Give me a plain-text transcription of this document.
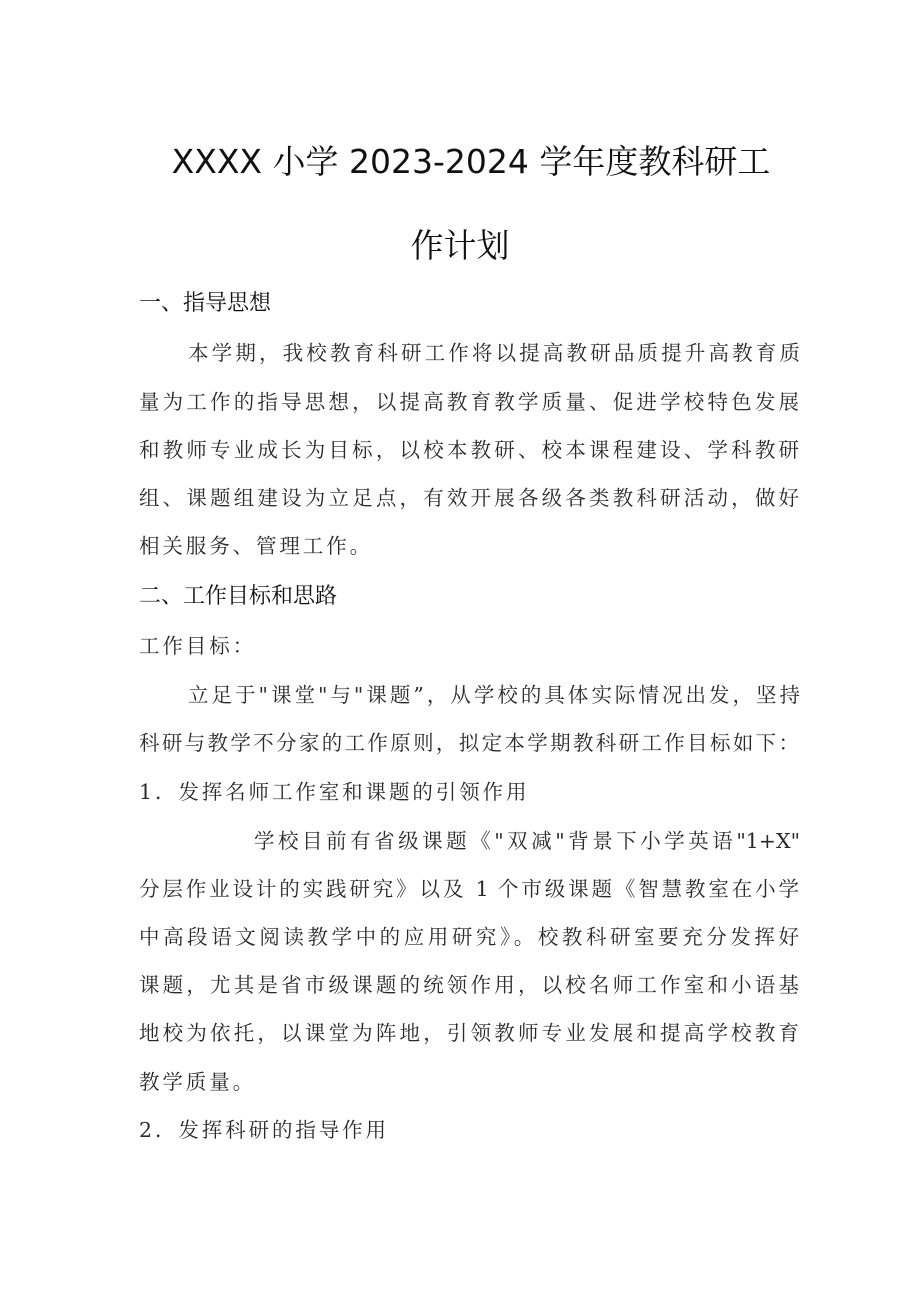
XXXX 小学 2023-2024 学年度教科研工
作计划
一、指导思想
本学期，我校教育科研工作将以提高教研品质提升高教育质
量为工作的指导思想，以提高教育教学质量、促进学校特色发展
和教师专业成长为目标，以校本教研、校本课程建设、学科教研
组、课题组建设为立足点，有效开展各级各类教科研活动，做好
相关服务、管理工作。
二、工作目标和思路
工作目标：
立足于"课堂"与"课题”，从学校的具体实际情况出发，坚持
科研与教学不分家的工作原则，拟定本学期教科研工作目标如下：
1．发挥名师工作室和课题的引领作用
学校目前有省级课题《"双减"背景下小学英语"1+X"
分层作业设计的实践研究》以及 1 个市级课题《智慧教室在小学
中高段语文阅读教学中的应用研究》。校教科研室要充分发挥好
课题，尤其是省市级课题的统领作用，以校名师工作室和小语基
地校为依托，以课堂为阵地，引领教师专业发展和提高学校教育
教学质量。
2．发挥科研的指导作用
